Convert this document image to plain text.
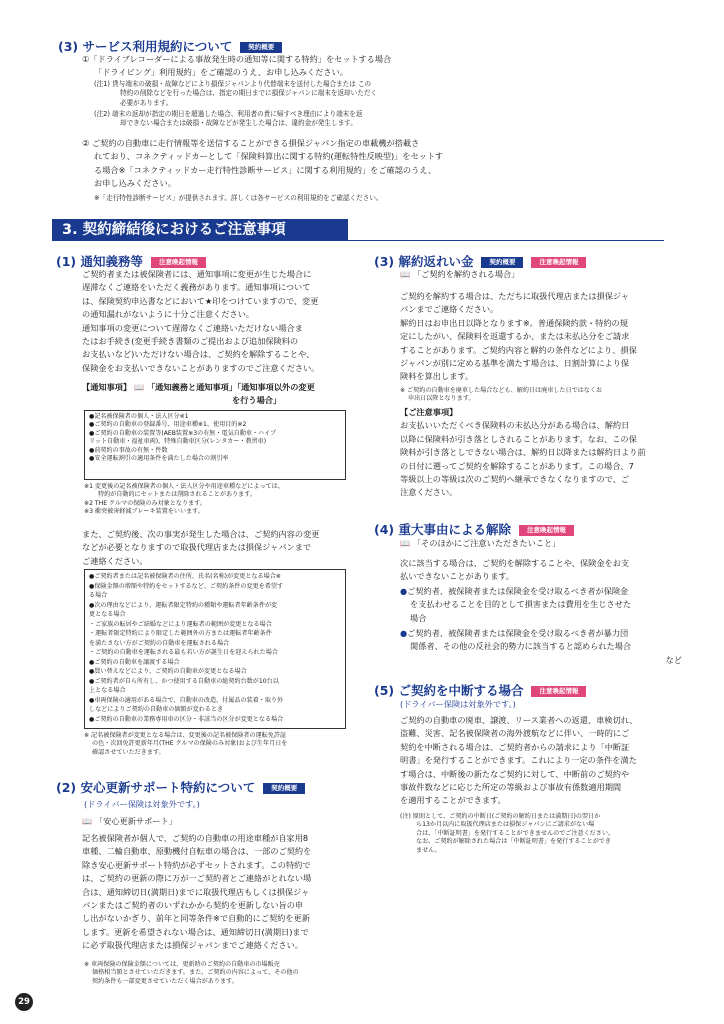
(3) サービス利用規約について 契約概要

①「ドライブレコーダーによる事故発生時の通知等に関する特約」をセットする場合

「ドライビング」利用規約」をご確認のうえ、お申し込みください。

(注1) 貸与端末の破損・故障などにより損保ジャパンより代替端末を送付した場合または この

特約の削除などを行った場合は、指定の期日までに損保ジャパンに端末を返却いただく

必要があります。

(注2) 端末の返却が指定の期日を超過した場合、利用者の責に帰すべき理由により端末を返

却できない場合または破損・故障などが発生した場合は、違約金が発生します。

② ご契約の自動車に走行情報等を送信することができる損保ジャパン指定の車載機が搭載さ

れており、コネクティッドカーとして「保険料算出に関する特約(運転特性反映型)」をセットす

る場合※「コネクティッドカー走行特性診断サービス」に関する利用規約」をご確認のうえ、

お申し込みください。

※「走行特性診断サービス」が提供されます。詳しくは各サービスの利用規約をご確認ください。
3. 契約締結後におけるご注意事項
(1) 通知義務等 注意喚起情報

ご契約者または被保険者には、通知事項に変更が生じた場合に

遅滞なくご連絡をいただく義務があります。通知事項について

は、保険契約申込書などにおいて★印をつけていますので、変更

の通知漏れがないように十分ご注意ください。

通知事項の変更について遅滞なくご連絡いただけない場合ま

たはお手続き(変更手続き書類のご提出および追加保険料の

お支払いなど)いただけない場合は、ご契約を解除することや、

保険金をお支払いできないことがありますのでご注意ください。

【通知事項】 📖 「通知義務と通知事項」「通知事項以外の変更

を行う場合」

●記名被保険者の個人・法人区分※1

●ご契約の自動車の登録番号、用途車種※1、使用目的※2

●ご契約の自動車の装置等(AEB装置※3の有無・電気自動車・ハイブ

リット自動車・福祉車両)、特殊自動車区分(レンタカー・教習車)

●前契約の事故の有無・件数

●安全運転割引の適用条件を満たした場合の割引率

※1 変更後の記名被保険者の個人・法人区分や用途車種などによっては、

特約が自動的にセットまたは削除されることがあります。

※2 THE クルマの保険のみ対象となります。

※3 衝突被害軽減ブレーキ装置をいいます。

また、ご契約後、次の事実が発生した場合は、ご契約内容の変更

などが必要となりますので取扱代理店または損保ジャパンまで

ご連絡ください。

●ご契約者または記名被保険者の住所、氏名(名称)が変更となる場合※

●保険金額の増額や特約をセットするなど、ご契約条件の変更を希望す

る場合

●次の理由などにより、運転者限定特約の種類や運転者年齢条件が変

更となる場合

・ご家族の転居やご結婚などにより運転者の範囲が変更となる場合

・運転者限定特約により限定した範囲外の方または運転者年齢条件

を満たさない方がご契約の自動車を運転される場合

・ご契約の自動車を運転される最も若い方が誕生日を迎えられた場合

●ご契約の自動車を譲渡する場合

●買い替えなどにより、ご契約の自動車が変更となる場合

●ご契約者が自ら所有し、かつ使用する自動車の総契約台数が10台以

上となる場合

●車両保険の適用がある場合で、自動車の改造、付属品の装着・取り外

しなどによりご契約の自動車の価額が変わるとき

●ご契約の自動車の業務専用車の区分・非該当の区分が変更となる場合

※ 記名被保険者が変更となる場合は、変更後の記名被保険者の運転免許証

の色・次回免許更新年月(THE クルマの保険のみ対象)および生年月日を

確認させていただきます。

(2) 安心更新サポート特約について 契約概要
(ドライバー保険は対象外です。)
📖 「安心更新サポート」

記名被保険者が個人で、ご契約の自動車の用途車種が自家用8

車種、二輪自動車、原動機付自転車の場合は、一部のご契約を

除き安心更新サポート特約が必ずセットされます。この特約で

は、ご契約の更新の際に万が一ご契約者とご連絡がとれない場

合は、通知締切日(満期日)までに取扱代理店もしくは損保ジャ

パンまたはご契約者のいずれかから契約を更新しない旨の申

し出がないかぎり、前年と同等条件※で自動的にご契約を更新

します。更新を希望されない場合は、通知締切日(満期日)まで

に必ず取扱代理店または損保ジャパンまでご連絡ください。

※ 車両保険の保険金額については、更新時のご契約の自動車の市場販売

価格相当額とさせていただきます。また、ご契約の内容によって、その他の

契約条件も一部変更させていただく場合があります。

(3) 解約返れい金 契約概要	注意喚起情報
📖 「ご契約を解約される場合」

ご契約を解約する場合は、ただちに取扱代理店または損保ジャ

パンまでご連絡ください。

解約日はお申出日以降となります※。普通保険約款・特約の規

定にしたがい、保険料を返還するか、または未払込分をご請求

することがあります。ご契約内容と解約の条件などにより、損保

ジャパンが別に定める基準を満たす場合は、日割計算により保

険料を算出します。

※ ご契約の自動車を廃車した場合なども、解約日は廃車した日ではなくお

申出日以降となります。

【ご注意事項】

お支払いいただくべき保険料の未払込分がある場合は、解約日

以降に保険料が引き落としされることがあります。なお、この保

険料が引き落としできない場合は、解約日以降または解約日より前

の日付に遡ってご契約を解除することがあります。この場合、7

等級以上の等級は次のご契約へ継承できなくなりますので、ご

注意ください。

(4) 重大事由による解除 注意喚起情報
📖 「そのほかにご注意いただきたいこと」

次に該当する場合は、ご契約を解除することや、保険金をお支

払いできないことがあります。

●ご契約者、被保険者または保険金を受け取るべき者が保険金

を支払わせることを目的として損害または費用を生じさせた

場合

●ご契約者、被保険者または保険金を受け取るべき者が暴力団

関係者、その他の反社会的勢力に該当すると認められた場合

など

(5) ご契約を中断する場合 注意喚起情報
(ドライバー保険は対象外です。)

ご契約の自動車の廃車、譲渡、リース業者への返還、車検切れ、

盗難、災害、記名被保険者の海外渡航などに伴い、一時的にご

契約を中断される場合は、ご契約者からの請求により「中断証

明書」を発行することができます。これにより一定の条件を満た

す場合は、中断後の新たなご契約に対して、中断前のご契約や

事故件数などに応じた所定の等級および事故有係数適用期間

を適用することができます。

(注) 原則として、ご契約の中断日(ご契約の解約日または満期日)の翌日か

ら13か月以内に取扱代理店または損保ジャパンにご請求がない場

合は、「中断証明書」を発行することができませんのでご注意ください。

なお、ご契約が解除された場合は「中断証明書」を発行することができ

ません。

29
